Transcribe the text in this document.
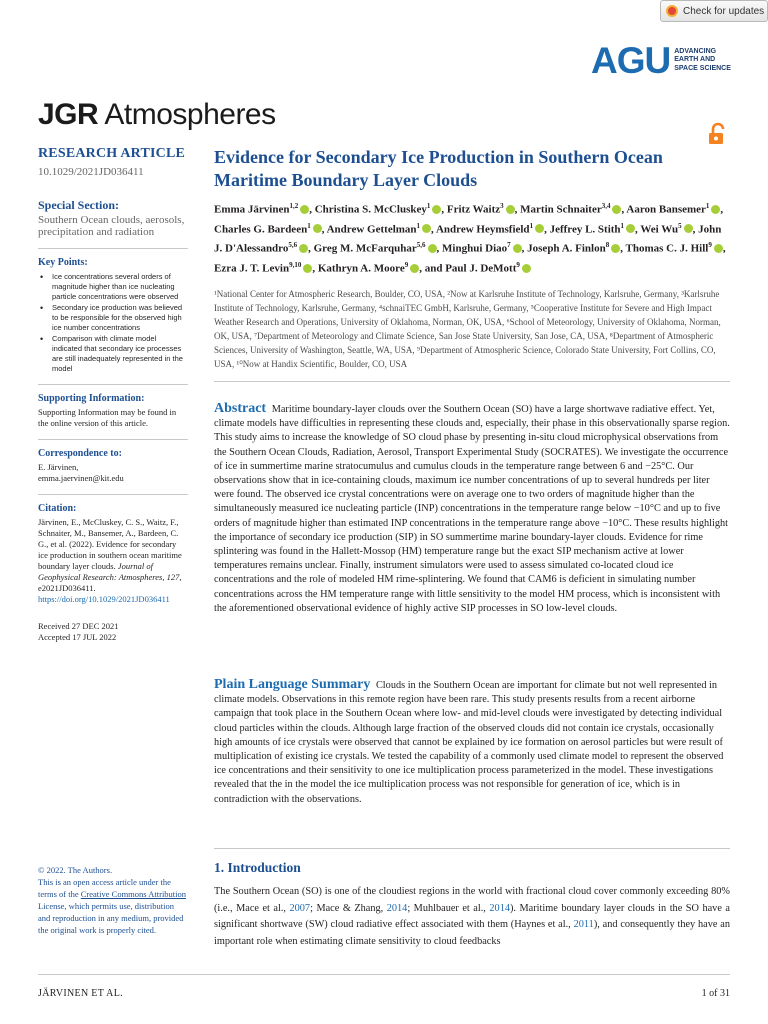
Check for updates
AGU ADVANCING
EARTH AND
SPACE SCIENCE
JGR Atmospheres
RESEARCH ARTICLE
10.1029/2021JD036411
Special Section:
Southern Ocean clouds, aerosols, precipitation and radiation
Key Points:
• Ice concentrations several orders of magnitude higher than ice nucleating particle concentrations were observed
• Secondary ice production was believed to be responsible for the observed high ice number concentrations
• Comparison with climate model indicated that secondary ice processes are still inadequately represented in the model
Supporting Information:
Supporting Information may be found in the online version of this article.
Correspondence to:
E. Järvinen,
emma.jaervinen@kit.edu
Citation:
Järvinen, E., McCluskey, C. S., Waitz, F., Schnaiter, M., Bansemer, A., Bardeen, C. G., et al. (2022). Evidence for secondary ice production in southern ocean maritime boundary layer clouds. Journal of Geophysical Research: Atmospheres, 127, e2021JD036411. https://doi.org/10.1029/2021JD036411
Received 27 DEC 2021
Accepted 17 JUL 2022
© 2022. The Authors.
This is an open access article under the terms of the Creative Commons Attribution License, which permits use, distribution and reproduction in any medium, provided the original work is properly cited.
Evidence for Secondary Ice Production in Southern Ocean Maritime Boundary Layer Clouds
Emma Järvinen$^{1,2}$ , Christina S. McCluskey$^1$ , Fritz Waitz$^3$ , Martin Schnaiter$^{3,4}$ , Aaron Bansemer$^1$ , Charles G. Bardeen$^1$ , Andrew Gettelman$^1$ , Andrew Heymsfield$^1$ , Jeffrey L. Stith$^1$ , Wei Wu$^5$ , John J. D'Alessandro$^{5,6}$ , Greg M. McFarquhar$^{5,6}$ , Minghui Diao$^7$ , Joseph A. Finlon$^8$ , Thomas C. J. Hill$^9$ , Ezra J. T. Levin$^{9,10}$ , Kathryn A. Moore$^9$ , and Paul J. DeMott$^9$
¹National Center for Atmospheric Research, Boulder, CO, USA, ²Now at Karlsruhe Institute of Technology, Karlsruhe, Germany, ³Karlsruhe Institute of Technology, Karlsruhe, Germany, ⁴schnaiTEC GmbH, Karlsruhe, Germany, ⁵Cooperative Institute for Severe and High Impact Weather Research and Operations, University of Oklahoma, Norman, OK, USA, ⁶School of Meteorology, University of Oklahoma, Norman, OK, USA, ⁷Department of Meteorology and Climate Science, San Jose State University, San Jose, CA, USA, ⁸Department of Atmospheric Sciences, University of Washington, Seattle, WA, USA, ⁹Department of Atmospheric Science, Colorado State University, Fort Collins, CO, USA, ¹⁰Now at Handix Scientific, Boulder, CO, USA
Abstract Maritime boundary-layer clouds over the Southern Ocean (SO) have a large shortwave radiative effect. Yet, climate models have difficulties in representing these clouds and, especially, their phase in this observationally sparse region. This study aims to increase the knowledge of SO cloud phase by presenting in-situ cloud microphysical observations from the Southern Ocean Clouds, Radiation, Aerosol, Transport Experimental Study (SOCRATES). We investigate the occurrence of ice in summertime marine stratocumulus and cumulus clouds in the temperature range between 6 and −25°C. Our observations show that in ice-containing clouds, maximum ice number concentrations of up to several hundreds per liter were found. The observed ice crystal concentrations were on average one to two orders of magnitude higher than the simultaneously measured ice nucleating particle (INP) concentrations in the temperature range below −10°C and up to five orders of magnitude higher than estimated INP concentrations in the temperature range above −10°C. These results highlight the importance of secondary ice production (SIP) in SO summertime marine boundary-layer clouds. Evidence for rime splintering was found in the Hallett-Mossop (HM) temperature range but the exact SIP mechanism active at lower temperatures remains unclear. Finally, instrument simulators were used to assess simulated co-located cloud ice concentrations and the role of modeled HM rime-splintering. We found that CAM6 is deficient in simulating number concentrations across the HM temperature range with little sensitivity to the model HM process, which is inconsistent with the aforementioned observational evidence of highly active SIP processes in SO low-level clouds.
Plain Language Summary Clouds in the Southern Ocean are important for climate but not well represented in climate models. Observations in this remote region have been rare. This study presents results from a recent airborne campaign that took place in the Southern Ocean where low- and mid-level clouds were investigated by detecting individual cloud particles within the clouds. Although large fraction of the observed clouds did not contain ice crystals, occasionally high amounts of ice crystals were observed that cannot be explained by ice formation on aerosol particles but were result of multiplication of existing ice crystals. We tested the capability of a commonly used climate model to represent the observed ice concentrations and their sensitivity to one ice multiplication process parameterized in the model. These investigations revealed that the in the model the ice multiplication process was not responsible for generation of ice, which is in contradiction with the observations.
1. Introduction
The Southern Ocean (SO) is one of the cloudiest regions in the world with fractional cloud cover commonly exceeding 80% (i.e., Mace et al., 2007; Mace & Zhang, 2014; Muhlbauer et al., 2014). Maritime boundary layer clouds in the SO have a significant shortwave (SW) cloud radiative effect associated with them (Haynes et al., 2011), and consequently they have an important role when estimating climate sensitivity to cloud feedbacks
JÄRVINEN ET AL.	1 of 31
